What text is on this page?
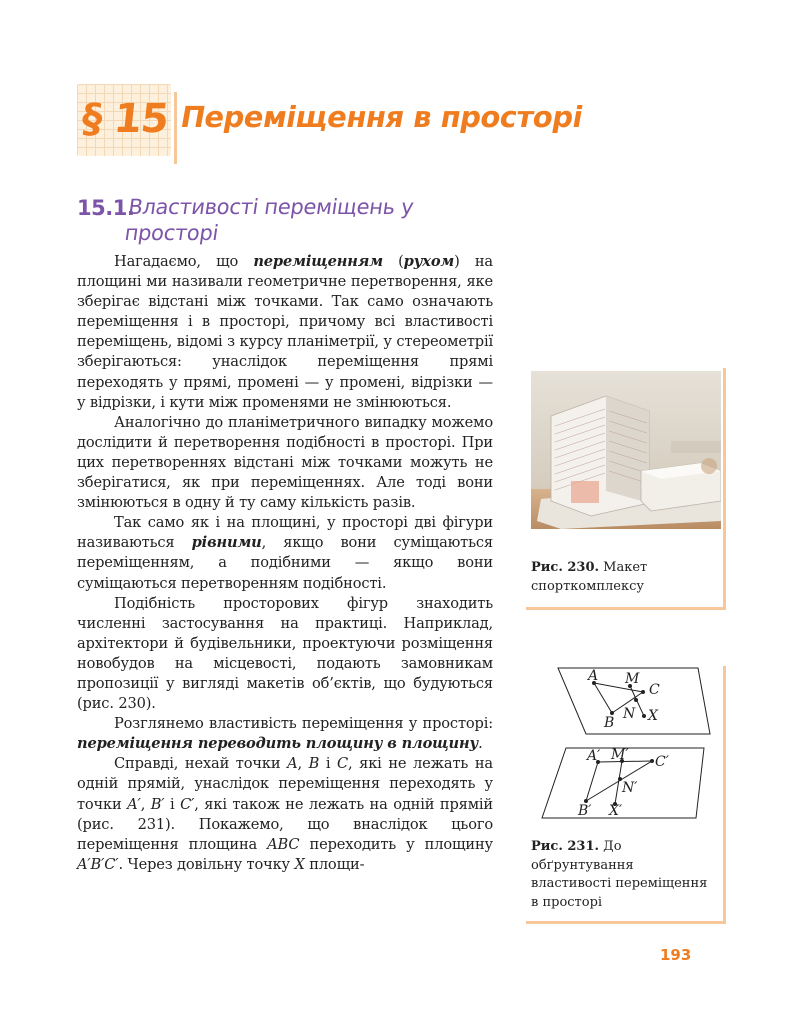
§ 15 Переміщення в просторі
15.1.
Властивості переміщень у просторі

Нагадаємо, що переміщенням (рухом) на площині ми називали геометричне перетворення, яке зберігає відстані між точками. Так само означають переміщення і в просторі, причому всі властивості переміщень, відомі з курсу планіметрії, у стереометрії зберігаються: унаслідок переміщення прямі переходять у прямі, промені — у промені, відрізки — у відрізки, і кути між променями не змінюються.

Аналогічно до планіметричного випадку можемо дослідити й перетворення подібності в просторі. При цих перетвореннях відстані між точками можуть не зберігатися, як при переміщеннях. Але тоді вони змінюються в одну й ту саму кількість разів.

Так само як і на площині, у просторі дві фігури називаються рівними, якщо вони суміщаються переміщенням, а подібними — якщо вони суміщаються перетворенням подібності.

Подібність просторових фігур знаходить численні застосування на практиці. Наприклад, архітектори й будівельники, проектуючи розміщення новобудов на місцевості, подають замовникам пропозиції у вигляді макетів об’єктів, що будуються (рис. 230).

Розглянемо властивість переміщення у просторі: переміщення переводить площину в площину.

Справді, нехай точки A, B і C, які не лежать на одній прямій, унаслідок переміщення переходять у точки A′, B′ і C′, які також не лежать на одній прямій (рис. 231). Покажемо, що внаслідок цього переміщення площина ABC переходить у площину A′B′C′. Через довільну точку X площи-

Рис. 230. Макет спорткомплексу
A M
C
N
B X
A′ M′ C′
N′
B′ X′
Рис. 231. До обґрунтування властивості переміщення в просторі
193
